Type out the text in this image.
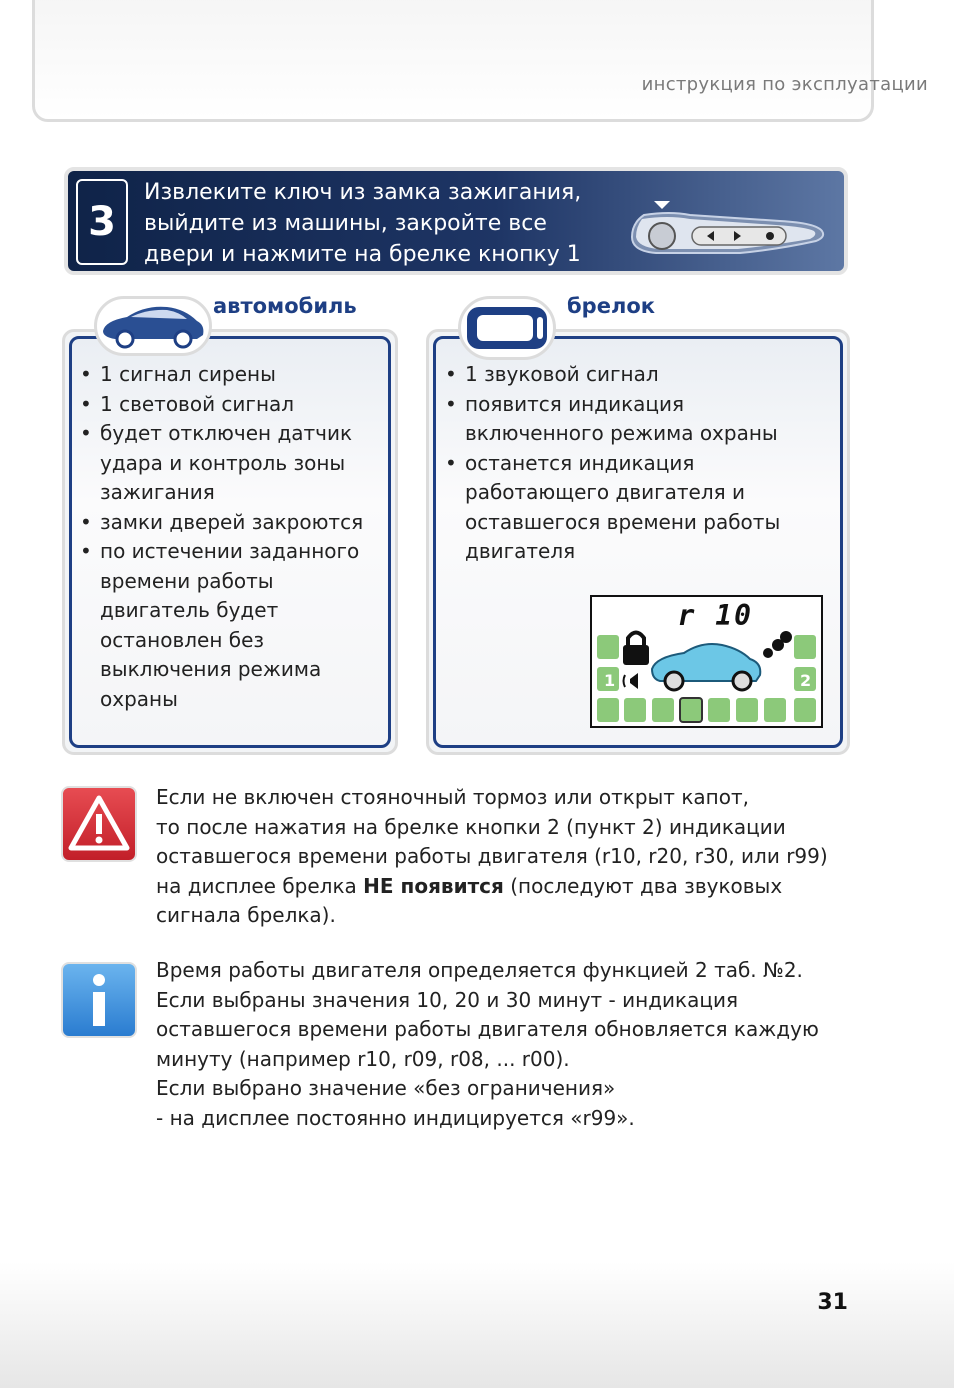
инструкция по эксплуатации
3
Извлеките ключ из замка зажигания,
выйдите из машины, закройте все
двери и нажмите на брелке кнопку 1
автомобиль
• 1 сигнал сирены
• 1 световой сигнал
• будет отключен датчик
удара и контроль зоны
зажигания
• замки дверей закроются
• по истечении заданного
времени работы
двигатель будет
остановлен без
выключения режима
охраны
брелок
• 1 звуковой сигнал
• появится индикация
включенного режима охраны
• останется индикация
работающего двигателя и
оставшегося времени работы
двигателя
r 10
1	2
Если не включен стояночный тормоз или открыт капот,
то после нажатия на брелке кнопки 2 (пункт 2) индикации
оставшегося времени работы двигателя (r10, r20, r30, или r99)
на дисплее брелка НЕ появится (последуют два звуковых
сигнала брелка).
Время работы двигателя определяется функцией 2 таб. №2.
Если выбраны значения 10, 20 и 30 минут - индикация
оставшегося времени работы двигателя обновляется каждую
минуту (например r10, r09, r08, ... r00).
Если выбрано значение «без ограничения»
- на дисплее постоянно индицируется «r99».
31
